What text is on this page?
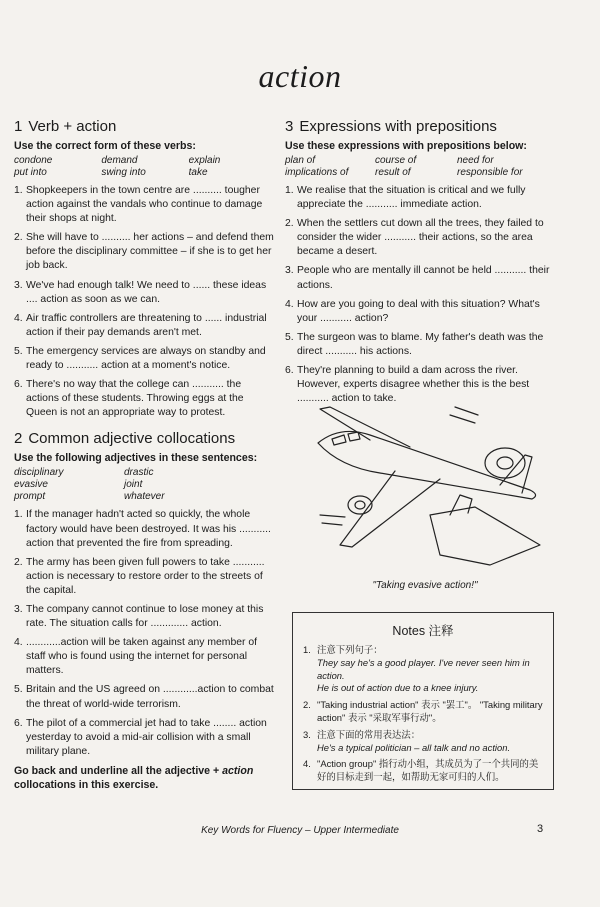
action
1 Verb + action
Use the correct form of these verbs:
condone	demand	explain
put into	swing into	take
1. Shopkeepers in the town centre are .......... tougher action against the vandals who continue to damage their shops at night.
2. She will have to .......... her actions – and defend them before the disciplinary committee – if she is to get her job back.
3. We've had enough talk! We need to ...... these ideas .... action as soon as we can.
4. Air traffic controllers are threatening to ...... industrial action if their pay demands aren't met.
5. The emergency services are always on standby and ready to ........... action at a moment's notice.
6. There's no way that the college can ........... the actions of these students. Throwing eggs at the Queen is not an appropriate way to protest.
2 Common adjective collocations
Use the following adjectives in these sentences:
disciplinary	drastic
evasive	joint
prompt	whatever
1. If the manager hadn't acted so quickly, the whole factory would have been destroyed. It was his ........... action that prevented the fire from spreading.
2. The army has been given full powers to take ........... action is necessary to restore order to the streets of the capital.
3. The company cannot continue to lose money at this rate. The situation calls for ............. action.
4. ............action will be taken against any member of staff who is found using the internet for personal matters.
5. Britain and the US agreed on ............action to combat the threat of world-wide terrorism.
6. The pilot of a commercial jet had to take ........ action yesterday to avoid a mid-air collision with a small military plane.
Go back and underline all the adjective + action collocations in this exercise.
3 Expressions with prepositions
Use these expressions with prepositions below:
plan of	course of	need for
implications of	result of	responsible for
1. We realise that the situation is critical and we fully appreciate the ........... immediate action.
2. When the settlers cut down all the trees, they failed to consider the wider ........... their actions, so the area became a desert.
3. People who are mentally ill cannot be held ........... their actions.
4. How are you going to deal with this situation? What's your ........... action?
5. The surgeon was to blame. My father's death was the direct ........... his actions.
6. They're planning to build a dam across the river. However, experts disagree whether this is the best ........... action to take.
"Taking evasive action!"
Notes 注释
1. 注意下列句子：
They say he's a good player. I've never seen him in action.
He is out of action due to a knee injury.
2. "Taking industrial action" 表示 "罢工"。 "Taking military action" 表示 "采取军事行动"。
3. 注意下面的常用表达法：
He's a typical politician – all talk and no action.
4. "Action group" 指行动小组，其成员为了一个共同的美好的目标走到一起，如帮助无家可归的人们。
Key Words for Fluency – Upper Intermediate	3
